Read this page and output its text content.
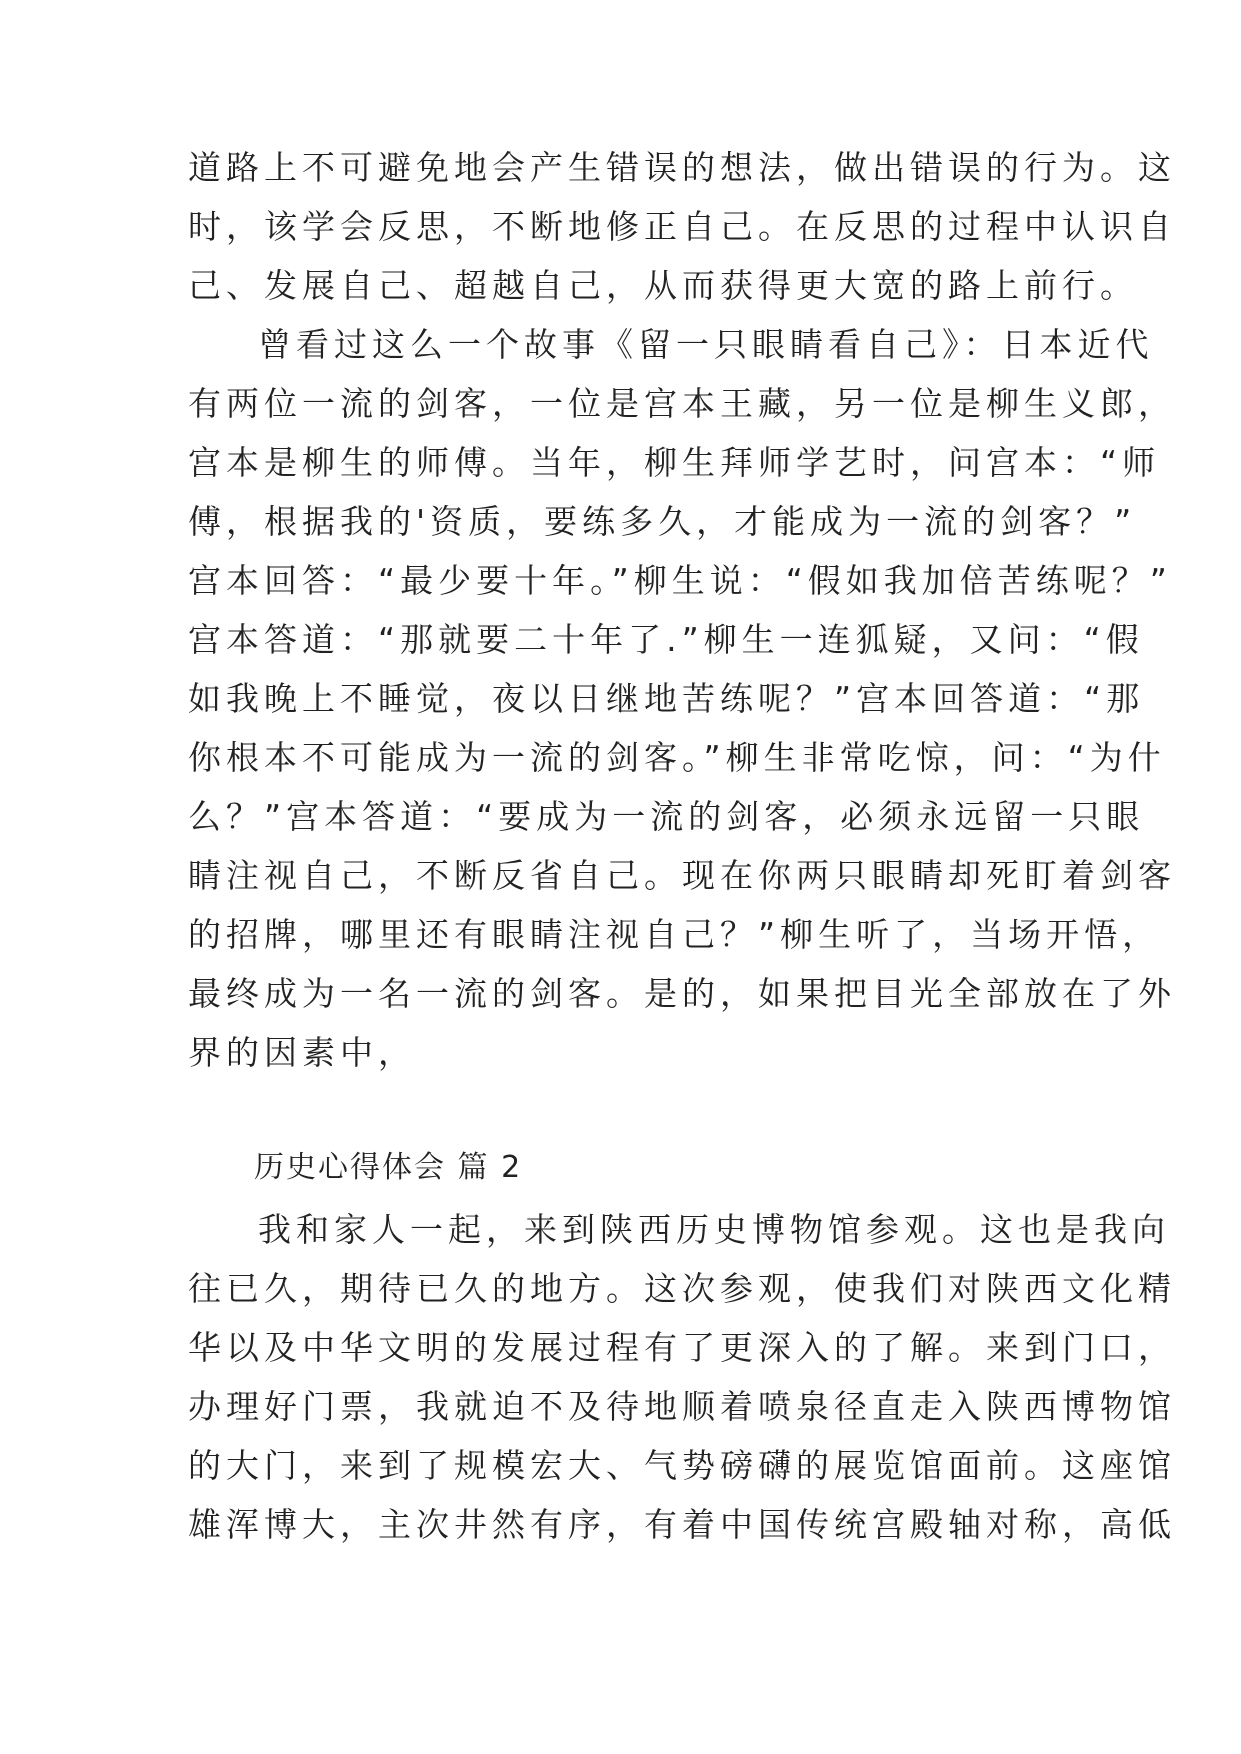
道路上不可避免地会产生错误的想法，做出错误的行为。这
时，该学会反思，不断地修正自己。在反思的过程中认识自
己、发展自己、超越自己，从而获得更大宽的路上前行。
曾看过这么一个故事《留一只眼睛看自己》：日本近代
有两位一流的剑客，一位是宫本王藏，另一位是柳生义郎，
宫本是柳生的师傅。当年，柳生拜师学艺时，问宫本：“师
傅，根据我的'资质，要练多久，才能成为一流的剑客？”
宫本回答：“最少要十年。”柳生说：“假如我加倍苦练呢？”
宫本答道：“那就要二十年了.”柳生一连狐疑，又问：“假
如我晚上不睡觉，夜以日继地苦练呢？”宫本回答道：“那
你根本不可能成为一流的剑客。”柳生非常吃惊，问：“为什
么？”宫本答道：“要成为一流的剑客，必须永远留一只眼
睛注视自己，不断反省自己。现在你两只眼睛却死盯着剑客
的招牌，哪里还有眼睛注视自己？”柳生听了，当场开悟，
最终成为一名一流的剑客。是的，如果把目光全部放在了外
界的因素中，
历史心得体会 篇 2
我和家人一起，来到陕西历史博物馆参观。这也是我向
往已久，期待已久的地方。这次参观，使我们对陕西文化精
华以及中华文明的发展过程有了更深入的了解。来到门口，
办理好门票，我就迫不及待地顺着喷泉径直走入陕西博物馆
的大门，来到了规模宏大、气势磅礴的展览馆面前。这座馆
雄浑博大，主次井然有序，有着中国传统宫殿轴对称，高低
